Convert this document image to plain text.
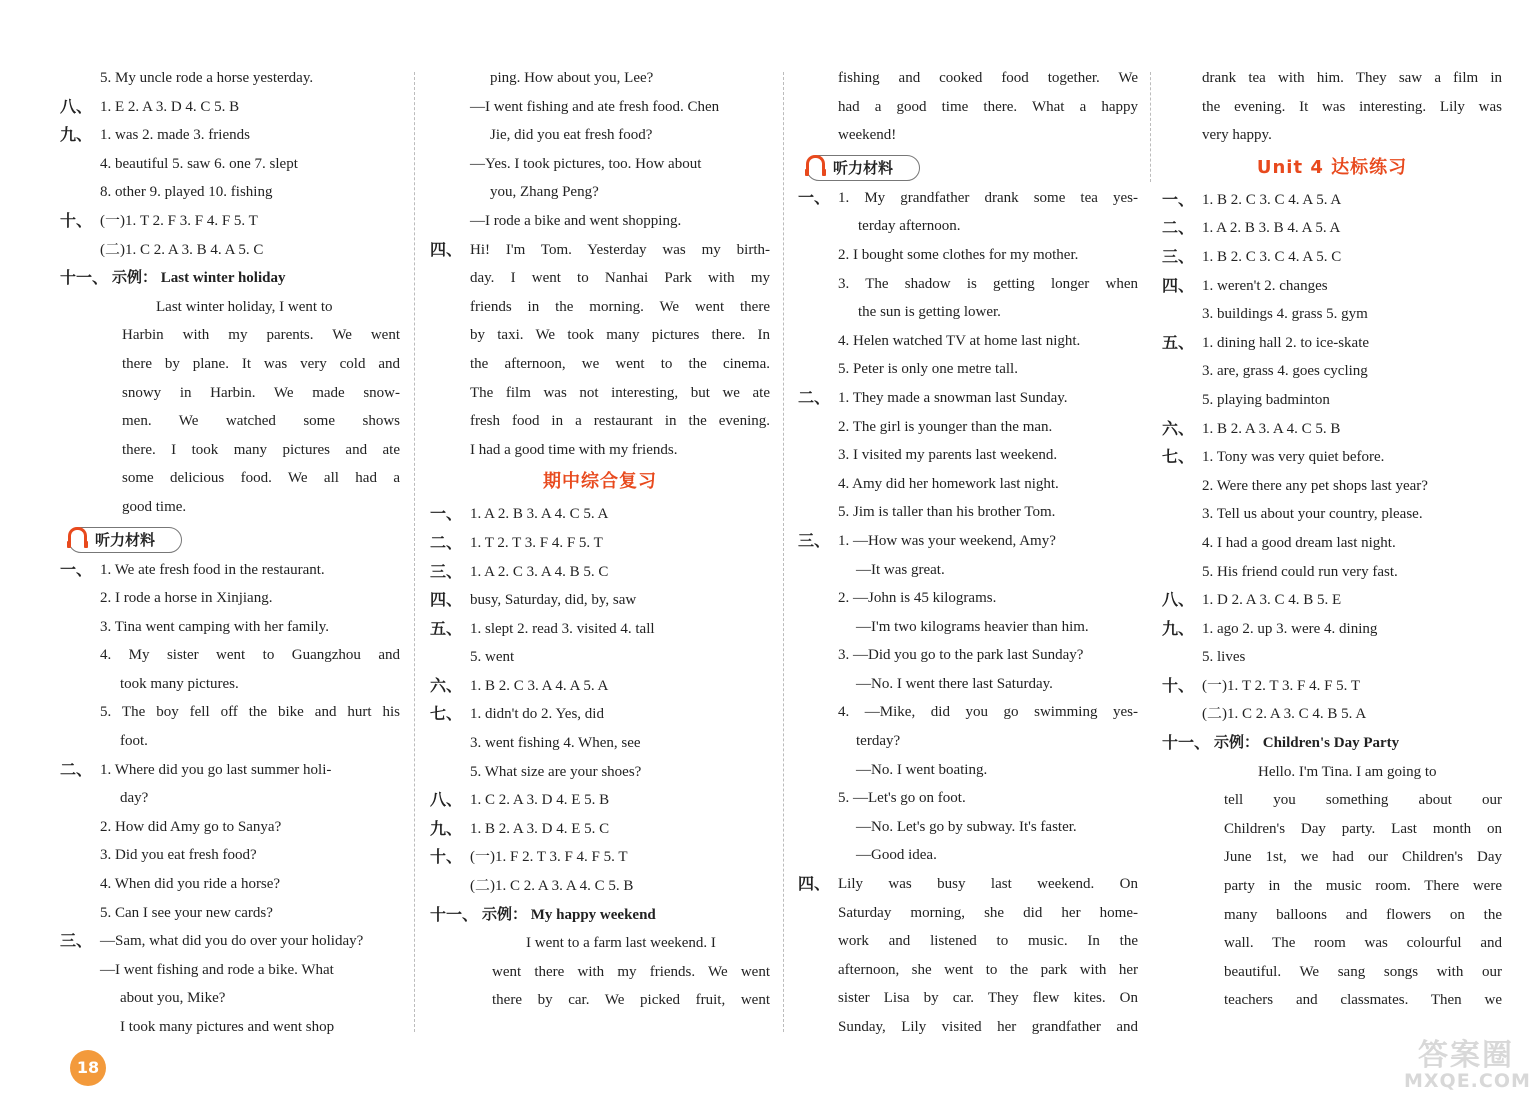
5. My uncle rode a horse yesterday.
八、 1. E 2. A 3. D 4. C 5. B
九、 1. was 2. made 3. friends
4. beautiful 5. saw 6. one 7. slept
8. other 9. played 10. fishing
十、 (一)1. T 2. F 3. F 4. F 5. T
(二)1. C 2. A 3. B 4. A 5. C
十一、 示例： Last winter holiday
Last winter holiday, I went to
Harbin with my parents. We went
there by plane. It was very cold and
snowy in Harbin. We made snow-
men. We watched some shows
there. I took many pictures and ate
some delicious food. We all had a
good time.
听力材料
一、 1. We ate fresh food in the restaurant.
2. I rode a horse in Xinjiang.
3. Tina went camping with her family.
4. My sister went to Guangzhou and
took many pictures.
5. The boy fell off the bike and hurt his
foot.
二、 1. Where did you go last summer holi-
day?
2. How did Amy go to Sanya?
3. Did you eat fresh food?
4. When did you ride a horse?
5. Can I see your new cards?
三、 —Sam, what did you do over your holiday?
—I went fishing and rode a bike. What
about you, Mike?
I took many pictures and went shop
ping. How about you, Lee?
—I went fishing and ate fresh food. Chen
Jie, did you eat fresh food?
—Yes. I took pictures, too. How about
you, Zhang Peng?
—I rode a bike and went shopping.
四、 Hi! I'm Tom. Yesterday was my birth-
day. I went to Nanhai Park with my
friends in the morning. We went there
by taxi. We took many pictures there. In
the afternoon, we went to the cinema.
The film was not interesting, but we ate
fresh food in a restaurant in the evening.
I had a good time with my friends.
期中综合复习
一、 1. A 2. B 3. A 4. C 5. A
二、 1. T 2. T 3. F 4. F 5. T
三、 1. A 2. C 3. A 4. B 5. C
四、 busy, Saturday, did, by, saw
五、 1. slept 2. read 3. visited 4. tall
5. went
六、 1. B 2. C 3. A 4. A 5. A
七、 1. didn't do 2. Yes, did
3. went fishing 4. When, see
5. What size are your shoes?
八、 1. C 2. A 3. D 4. E 5. B
九、 1. B 2. A 3. D 4. E 5. C
十、 (一)1. F 2. T 3. F 4. F 5. T
(二)1. C 2. A 3. A 4. C 5. B
十一、 示例： My happy weekend
I went to a farm last weekend. I
went there with my friends. We went
there by car. We picked fruit, went
fishing and cooked food together. We
had a good time there. What a happy
weekend!
听力材料
一、 1. My grandfather drank some tea yes-
terday afternoon.
2. I bought some clothes for my mother.
3. The shadow is getting longer when
the sun is getting lower.
4. Helen watched TV at home last night.
5. Peter is only one metre tall.
二、 1. They made a snowman last Sunday.
2. The girl is younger than the man.
3. I visited my parents last weekend.
4. Amy did her homework last night.
5. Jim is taller than his brother Tom.
三、 1. —How was your weekend, Amy?
—It was great.
2. —John is 45 kilograms.
—I'm two kilograms heavier than him.
3. —Did you go to the park last Sunday?
—No. I went there last Saturday.
4. —Mike, did you go swimming yes-
terday?
—No. I went boating.
5. —Let's go on foot.
—No. Let's go by subway. It's faster.
—Good idea.
四、 Lily was busy last weekend. On
Saturday morning, she did her home-
work and listened to music. In the
afternoon, she went to the park with her
sister Lisa by car. They flew kites. On
Sunday, Lily visited her grandfather and
drank tea with him. They saw a film in
the evening. It was interesting. Lily was
very happy.
Unit 4 达标练习
一、 1. B 2. C 3. C 4. A 5. A
二、 1. A 2. B 3. B 4. A 5. A
三、 1. B 2. C 3. C 4. A 5. C
四、 1. weren't 2. changes
3. buildings 4. grass 5. gym
五、 1. dining hall 2. to ice-skate
3. are, grass 4. goes cycling
5. playing badminton
六、 1. B 2. A 3. A 4. C 5. B
七、 1. Tony was very quiet before.
2. Were there any pet shops last year?
3. Tell us about your country, please.
4. I had a good dream last night.
5. His friend could run very fast.
八、 1. D 2. A 3. C 4. B 5. E
九、 1. ago 2. up 3. were 4. dining
5. lives
十、 (一)1. T 2. T 3. F 4. F 5. T
(二)1. C 2. A 3. C 4. B 5. A
十一、 示例： Children's Day Party
Hello. I'm Tina. I am going to
tell you something about our
Children's Day party. Last month on
June 1st, we had our Children's Day
party in the music room. There were
many balloons and flowers on the
wall. The room was colourful and
beautiful. We sang songs with our
teachers and classmates. Then we
18	答案圈
MXQE.COM
